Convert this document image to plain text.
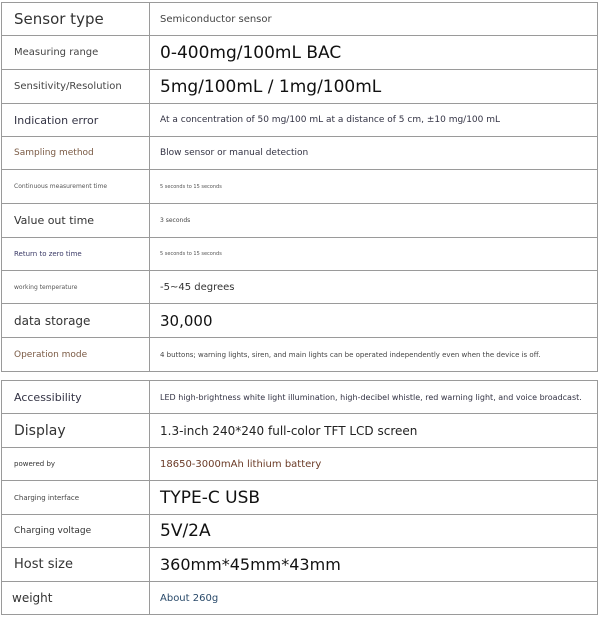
Sensor type	Semiconductor sensor
Measuring range	0-400mg/100mL BAC
Sensitivity/Resolution	5mg/100mL / 1mg/100mL
Indication error	At a concentration of 50 mg/100 mL at a distance of 5 cm, ±10 mg/100 mL
Sampling method	Blow sensor or manual detection
Continuous measurement time	5 seconds to 15 seconds
Value out time	3 seconds
Return to zero time	5 seconds to 15 seconds
working temperature	-5~45 degrees
data storage	30,000
Operation mode	4 buttons; warning lights, siren, and main lights can be operated independently even when the device is off.
Accessibility	LED high-brightness white light illumination, high-decibel whistle, red warning light, and voice broadcast.
Display	1.3-inch 240*240 full-color TFT LCD screen
powered by	18650-3000mAh lithium battery
Charging interface	TYPE-C USB
Charging voltage	5V/2A
Host size	360mm*45mm*43mm
weight	About 260g
